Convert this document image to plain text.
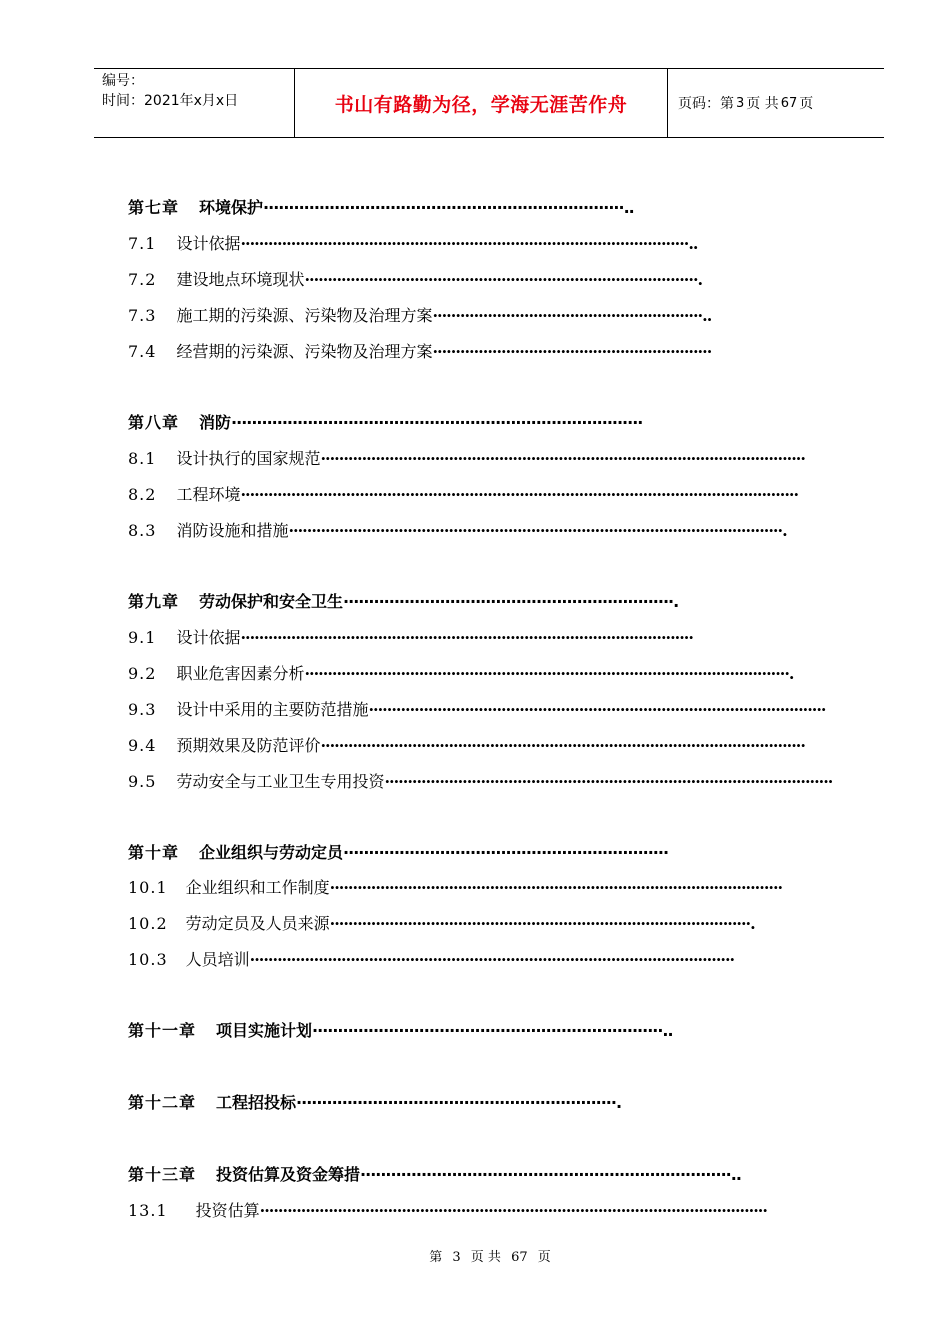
编号：
时间：2021年x月x日	书山有路勤为径，学海无涯苦作舟	页码：第 3 页 共 67 页
第七章 环境保护·······································································..
7.1 设计依据··································································································..
7.2 建设地点环境现状······················································································.
7.3 施工期的污染源、污染物及治理方案···························································..
7.4 经营期的污染源、污染物及治理方案·····························································
第八章 消防·················································································
8.1 设计执行的国家规范··········································································································
8.2 工程环境··························································································································
8.3 消防设施和措施············································································································.
第九章 劳动保护和安全卫生·································································.
9.1 设计依据···································································································
9.2 职业危害因素分析··········································································································.
9.3 设计中采用的主要防范措施····································································································
9.4 预期效果及防范评价··········································································································
9.5 劳动安全与工业卫生专用投资··································································································
第十章 企业组织与劳动定员································································
10.1 企业组织和工作制度···································································································
10.2 劳动定员及人员来源····························································································.
10.3 人员培训··········································································································
第十一章 项目实施计划·····································································..
第十二章 工程招投标·······························································.
第十三章 投资估算及资金筹措·········································································..
13.1 投资估算···············································································································
第 3 页 共 67 页
